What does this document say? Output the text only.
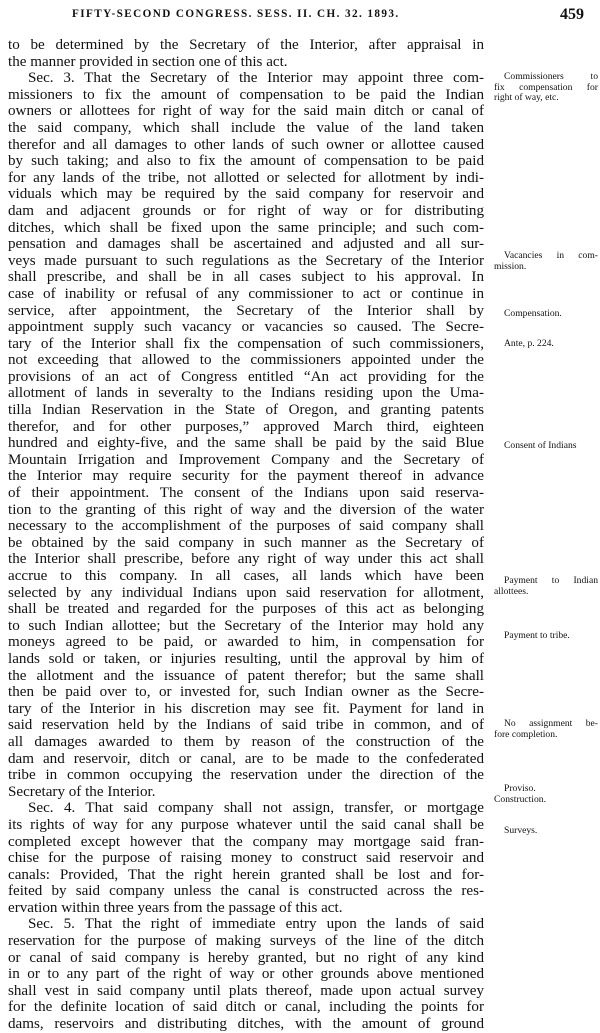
FIFTY-SECOND CONGRESS. SESS. II. CH. 32. 1893.	459
to be determined by the Secretary of the Interior, after appraisal in
the manner provided in section one of this act.
Sec. 3. That the Secretary of the Interior may appoint three com-
missioners to fix the amount of compensation to be paid the Indian
owners or allottees for right of way for the said main ditch or canal of
the said company, which shall include the value of the land taken
therefor and all damages to other lands of such owner or allottee caused
by such taking; and also to fix the amount of compensation to be paid
for any lands of the tribe, not allotted or selected for allotment by indi-
viduals which may be required by the said company for reservoir and
dam and adjacent grounds or for right of way or for distributing
ditches, which shall be fixed upon the same principle; and such com-
pensation and damages shall be ascertained and adjusted and all sur-
veys made pursuant to such regulations as the Secretary of the Interior
shall prescribe, and shall be in all cases subject to his approval. In
case of inability or refusal of any commissioner to act or continue in
service, after appointment, the Secretary of the Interior shall by
appointment supply such vacancy or vacancies so caused. The Secre-
tary of the Interior shall fix the compensation of such commissioners,
not exceeding that allowed to the commissioners appointed under the
provisions of an act of Congress entitled “An act providing for the
allotment of lands in severalty to the Indians residing upon the Uma-
tilla Indian Reservation in the State of Oregon, and granting patents
therefor, and for other purposes,” approved March third, eighteen
hundred and eighty-five, and the same shall be paid by the said Blue
Mountain Irrigation and Improvement Company and the Secretary of
the Interior may require security for the payment thereof in advance
of their appointment. The consent of the Indians upon said reserva-
tion to the granting of this right of way and the diversion of the water
necessary to the accomplishment of the purposes of said company shall
be obtained by the said company in such manner as the Secretary of
the Interior shall prescribe, before any right of way under this act shall
accrue to this company. In all cases, all lands which have been
selected by any individual Indians upon said reservation for allotment,
shall be treated and regarded for the purposes of this act as belonging
to such Indian allottee; but the Secretary of the Interior may hold any
moneys agreed to be paid, or awarded to him, in compensation for
lands sold or taken, or injuries resulting, until the approval by him of
the allotment and the issuance of patent therefor; but the same shall
then be paid over to, or invested for, such Indian owner as the Secre-
tary of the Interior in his discretion may see fit. Payment for land in
said reservation held by the Indians of said tribe in common, and of
all damages awarded to them by reason of the construction of the
dam and reservoir, ditch or canal, are to be made to the confederated
tribe in common occupying the reservation under the direction of the
Secretary of the Interior.
Sec. 4. That said company shall not assign, transfer, or mortgage
its rights of way for any purpose whatever until the said canal shall be
completed except however that the company may mortgage said fran-
chise for the purpose of raising money to construct said reservoir and
canals: Provided, That the right herein granted shall be lost and for-
feited by said company unless the canal is constructed across the res-
ervation within three years from the passage of this act.
Sec. 5. That the right of immediate entry upon the lands of said
reservation for the purpose of making surveys of the line of the ditch
or canal of said company is hereby granted, but no right of any kind
in or to any part of the right of way or other grounds above mentioned
shall vest in said company until plats thereof, made upon actual survey
for the definite location of said ditch or canal, including the points for
dams, reservoirs and distributing ditches, with the amount of ground
Commissioners to
fix compensation for
right of way, etc.
Vacancies in com-
mission.
Compensation.
Ante, p. 224.
Consent of Indians
Payment to Indian
allottees.
Payment to tribe.
No assignment be-
fore completion.
Proviso.
Construction.
Surveys.
